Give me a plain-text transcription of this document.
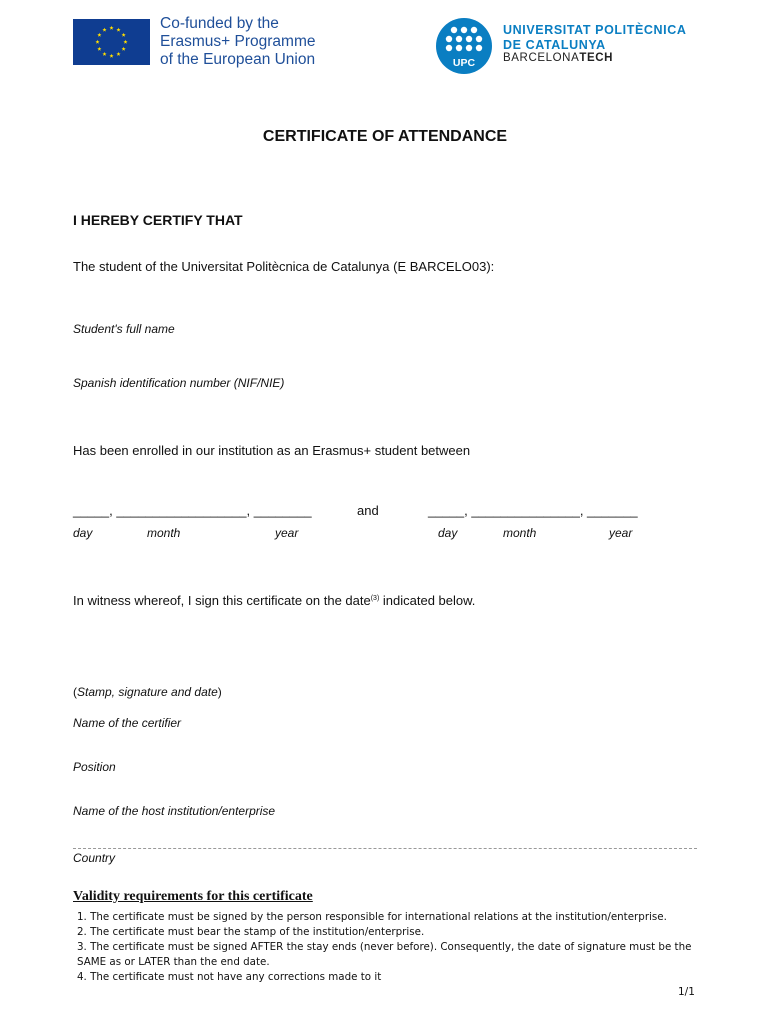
Co-funded by the
Erasmus+ Programme
of the European Union	UPC
UNIVERSITAT POLITÈCNICA
DE CATALUNYA
BARCELONATECH
CERTIFICATE OF ATTENDANCE
I HEREBY CERTIFY THAT
The student of the Universitat Politècnica de Catalunya (E BARCELO03):
Student's full name
Spanish identification number (NIF/NIE)
Has been enrolled in our institution as an Erasmus+ student between
_____, __________________, ________	and	_____, _______________, _______
day	month	year	day	month	year
In witness whereof, I sign this certificate on the date$^{(3)}$ indicated below.
(Stamp, signature and date)
Name of the certifier
Position
Name of the host institution/enterprise
Country
Validity requirements for this certificate
1. The certificate must be signed by the person responsible for international relations at the institution/enterprise.
2. The certificate must bear the stamp of the institution/enterprise.
3. The certificate must be signed AFTER the stay ends (never before). Consequently, the date of signature must be the SAME as or LATER than the end date.
4. The certificate must not have any corrections made to it
1/1
